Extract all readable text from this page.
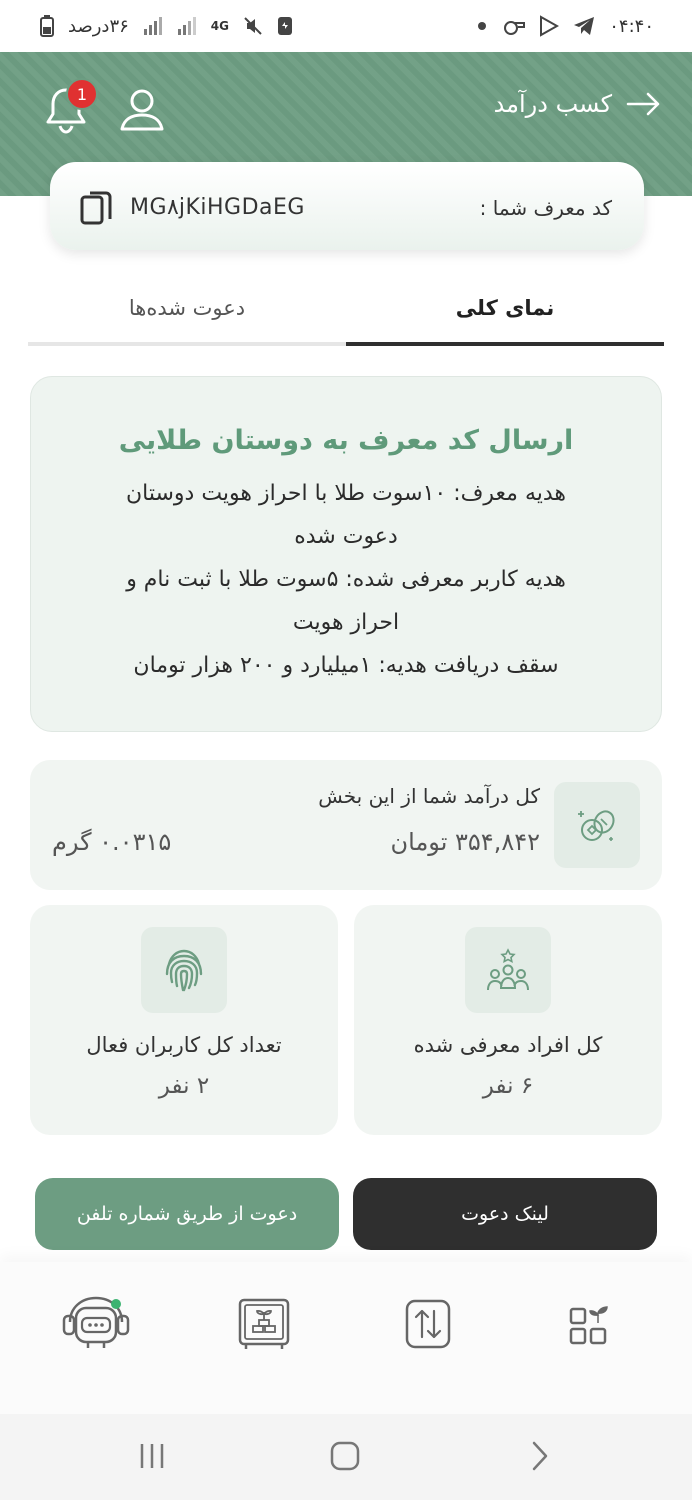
۳۶درصد	4G	۰۴:۴۰
1	کسب درآمد
MG۸jKiHGDaEG	کد معرف شما :
نمای کلی
دعوت شده‌ها
ارسال کد معرف به دوستان طلایی
هدیه معرف: ۱۰سوت طلا با احراز هویت دوستان
دعوت شده
هدیه کاربر معرفی شده: ۵سوت طلا با ثبت نام و
احراز هویت
سقف دریافت هدیه: ۱میلیارد و ۲۰۰ هزار تومان
کل درآمد شما از این بخش
۳۵۴,۸۴۲ تومان
۰.۰۳۱۵ گرم
کل افراد معرفی شده
۶ نفر
تعداد کل کاربران فعال
۲ نفر
لینک دعوت
دعوت از طریق شماره تلفن
